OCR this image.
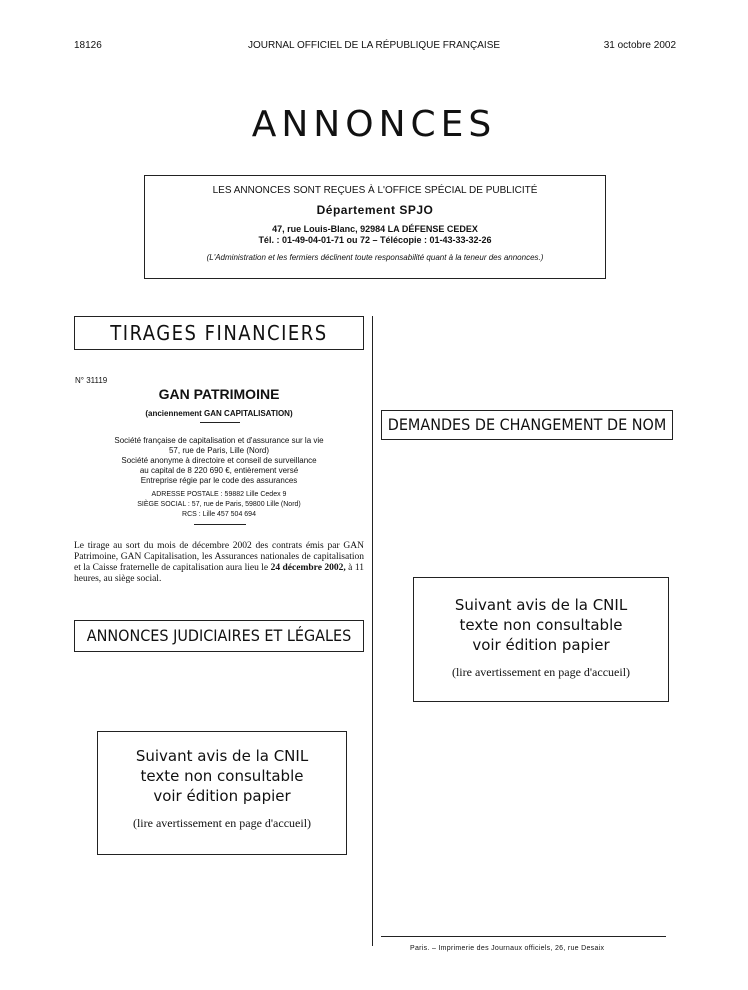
18126	JOURNAL OFFICIEL DE LA RÉPUBLIQUE FRANÇAISE	31 octobre 2002
ANNONCES
LES ANNONCES SONT REÇUES À L'OFFICE SPÉCIAL DE PUBLICITÉ
Département SPJO
47, rue Louis-Blanc, 92984 LA DÉFENSE CEDEX
Tél. : 01-49-04-01-71 ou 72 – Télécopie : 01-43-33-32-26
(L'Administration et les fermiers déclinent toute responsabilité quant à la teneur des annonces.)
TIRAGES FINANCIERS
N° 31119
GAN PATRIMOINE
(anciennement GAN CAPITALISATION)
Société française de capitalisation et d'assurance sur la vie
57, rue de Paris, Lille (Nord)
Société anonyme à directoire et conseil de surveillance
au capital de 8 220 690 €, entièrement versé
Entreprise régie par le code des assurances
ADRESSE POSTALE : 59882 Lille Cedex 9
SIÈGE SOCIAL : 57, rue de Paris, 59800 Lille (Nord)
RCS : Lille 457 504 694
Le tirage au sort du mois de décembre 2002 des contrats émis par GAN Patrimoine, GAN Capitalisation, les Assurances nationales de capitalisation et la Caisse fraternelle de capitalisation aura lieu le 24 décembre 2002, à 11 heures, au siège social.
ANNONCES JUDICIAIRES ET LÉGALES
Suivant avis de la CNIL
texte non consultable
voir édition papier
(lire avertissement en page d'accueil)
DEMANDES DE CHANGEMENT DE NOM
Suivant avis de la CNIL
texte non consultable
voir édition papier
(lire avertissement en page d'accueil)
Paris. – Imprimerie des Journaux officiels, 26, rue Desaix
